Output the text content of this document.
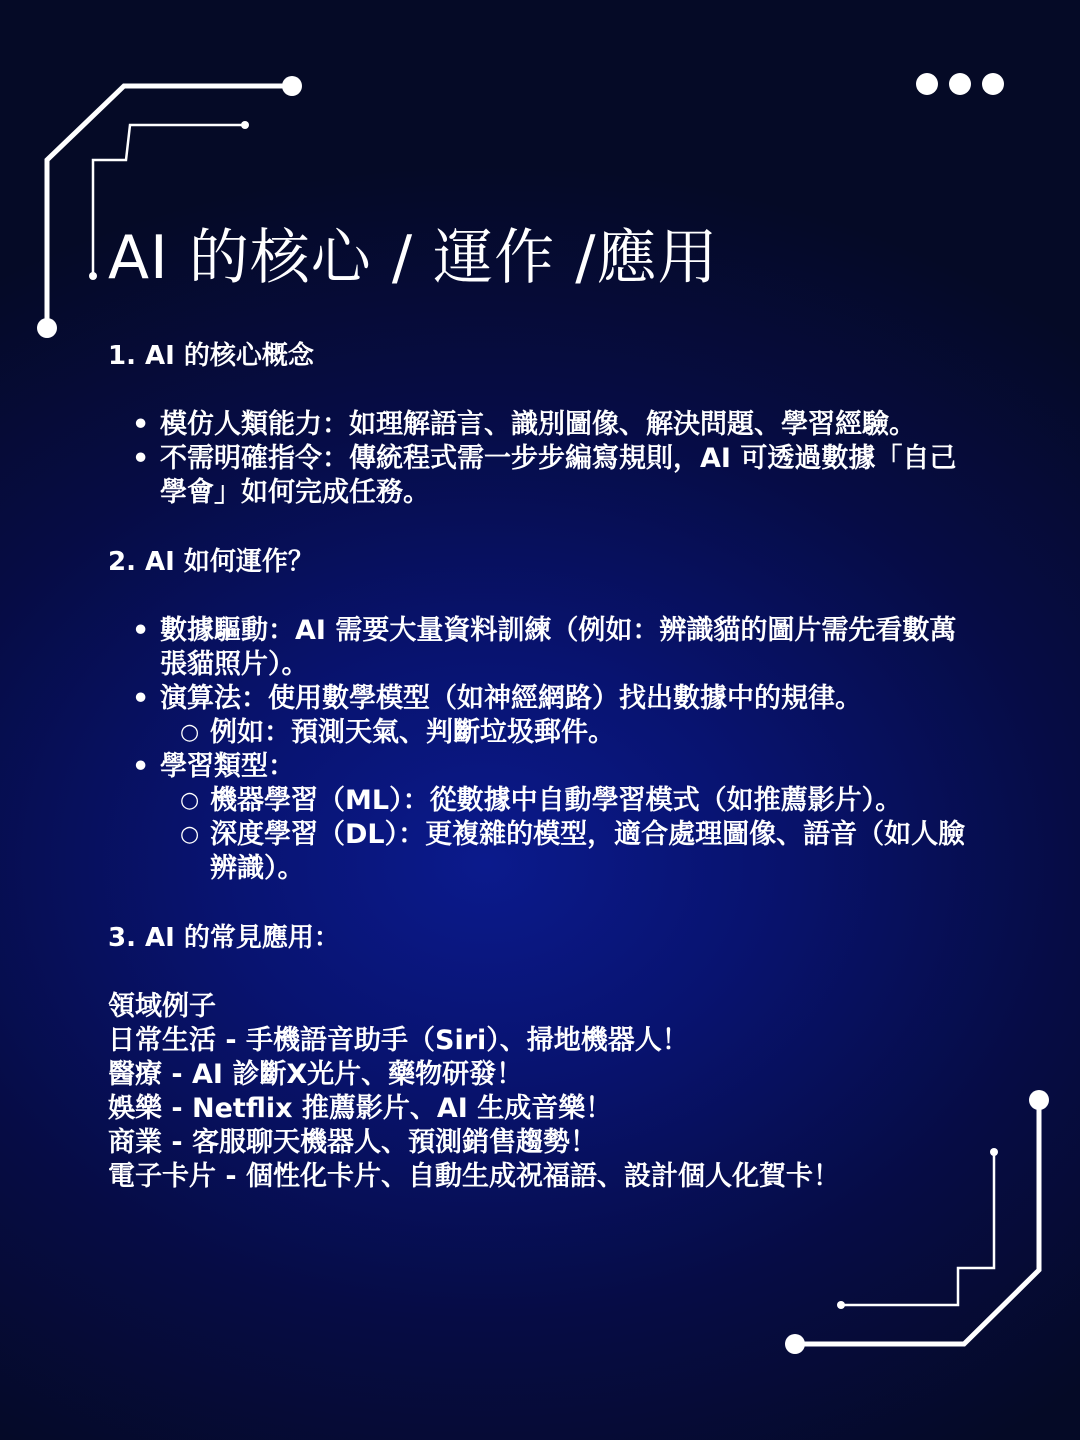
AI 的核心 / 運作 /應用

1. AI 的核心概念

• 模仿人類能力：如理解語言、識別圖像、解決問題、學習經驗。
• 不需明確指令：傳統程式需一步步編寫規則，AI 可透過數據「自己學會」如何完成任務。

2. AI 如何運作？

• 數據驅動：AI 需要大量資料訓練（例如：辨識貓的圖片需先看數萬張貓照片）。
• 演算法：使用數學模型（如神經網路）找出數據中的規律。
○ 例如：預測天氣、判斷垃圾郵件。
• 學習類型：
○ 機器學習（ML）：從數據中自動學習模式（如推薦影片）。
○ 深度學習（DL）：更複雜的模型，適合處理圖像、語音（如人臉辨識）。

3. AI 的常見應用：

領域例子
日常生活 - 手機語音助手（Siri）、掃地機器人！
醫療 - AI 診斷X光片、藥物研發！
娛樂 - Netflix 推薦影片、AI 生成音樂！
商業 - 客服聊天機器人、預測銷售趨勢！
電子卡片 - 個性化卡片、自動生成祝福語、設計個人化賀卡！
